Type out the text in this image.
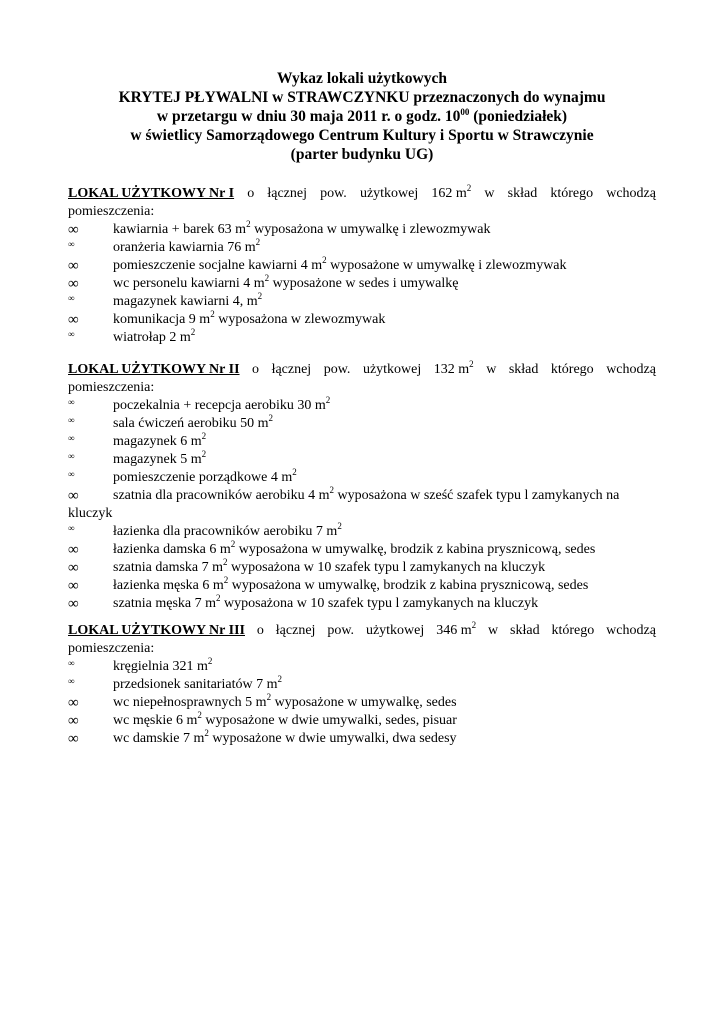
Wykaz lokali użytkowych
KRYTEJ PŁYWALNI w STRAWCZYNKU przeznaczonych do wynajmu
w przetargu w dniu 30 maja 2011 r. o godz. $10^{00}$ (poniedziałek)
w świetlicy Samorządowego Centrum Kultury i Sportu w Strawczynie
(parter budynku UG)
LOKAL UŻYTKOWY Nr I o łącznej pow. użytkowej 162 $m^2$ w skład którego wchodzą
pomieszczenia:
∞	kawiarnia + barek 63 $m^2$ wyposażona w umywalkę i zlewozmywak
∞	oranżeria kawiarnia 76 $m^2$
∞	pomieszczenie socjalne kawiarni 4 $m^2$ wyposażone w umywalkę i zlewozmywak
∞	wc personelu kawiarni 4 $m^2$ wyposażone w sedes i umywalkę
∞	magazynek kawiarni 4, $m^2$
∞	komunikacja 9 $m^2$ wyposażona w zlewozmywak
∞	wiatrołap 2 $m^2$
LOKAL UŻYTKOWY Nr II o łącznej pow. użytkowej 132 $m^2$ w skład którego wchodzą
pomieszczenia:
∞	poczekalnia + recepcja aerobiku 30 $m^2$
∞	sala ćwiczeń aerobiku 50 $m^2$
∞	magazynek 6 $m^2$
∞	magazynek 5 $m^2$
∞	pomieszczenie porządkowe 4 $m^2$
∞	szatnia dla pracowników aerobiku 4 $m^2$ wyposażona w sześć szafek typu l zamykanych na kluczyk
∞	łazienka dla pracowników aerobiku 7 $m^2$
∞	łazienka damska 6 $m^2$ wyposażona w umywalkę, brodzik z kabina prysznicową, sedes
∞	szatnia damska 7 $m^2$ wyposażona w 10 szafek typu l zamykanych na kluczyk
∞	łazienka męska 6 $m^2$ wyposażona w umywalkę, brodzik z kabina prysznicową, sedes
∞	szatnia męska 7 $m^2$ wyposażona w 10 szafek typu l zamykanych na kluczyk
LOKAL UŻYTKOWY Nr III o łącznej pow. użytkowej 346 $m^2$ w skład którego wchodzą
pomieszczenia:
∞	kręgielnia 321 $m^2$
∞	przedsionek sanitariatów 7 $m^2$
∞	wc niepełnosprawnych 5 $m^2$ wyposażone w umywalkę, sedes
∞	wc męskie 6 $m^2$ wyposażone w dwie umywalki, sedes, pisuar
∞	wc damskie 7 $m^2$ wyposażone w dwie umywalki, dwa sedesy
